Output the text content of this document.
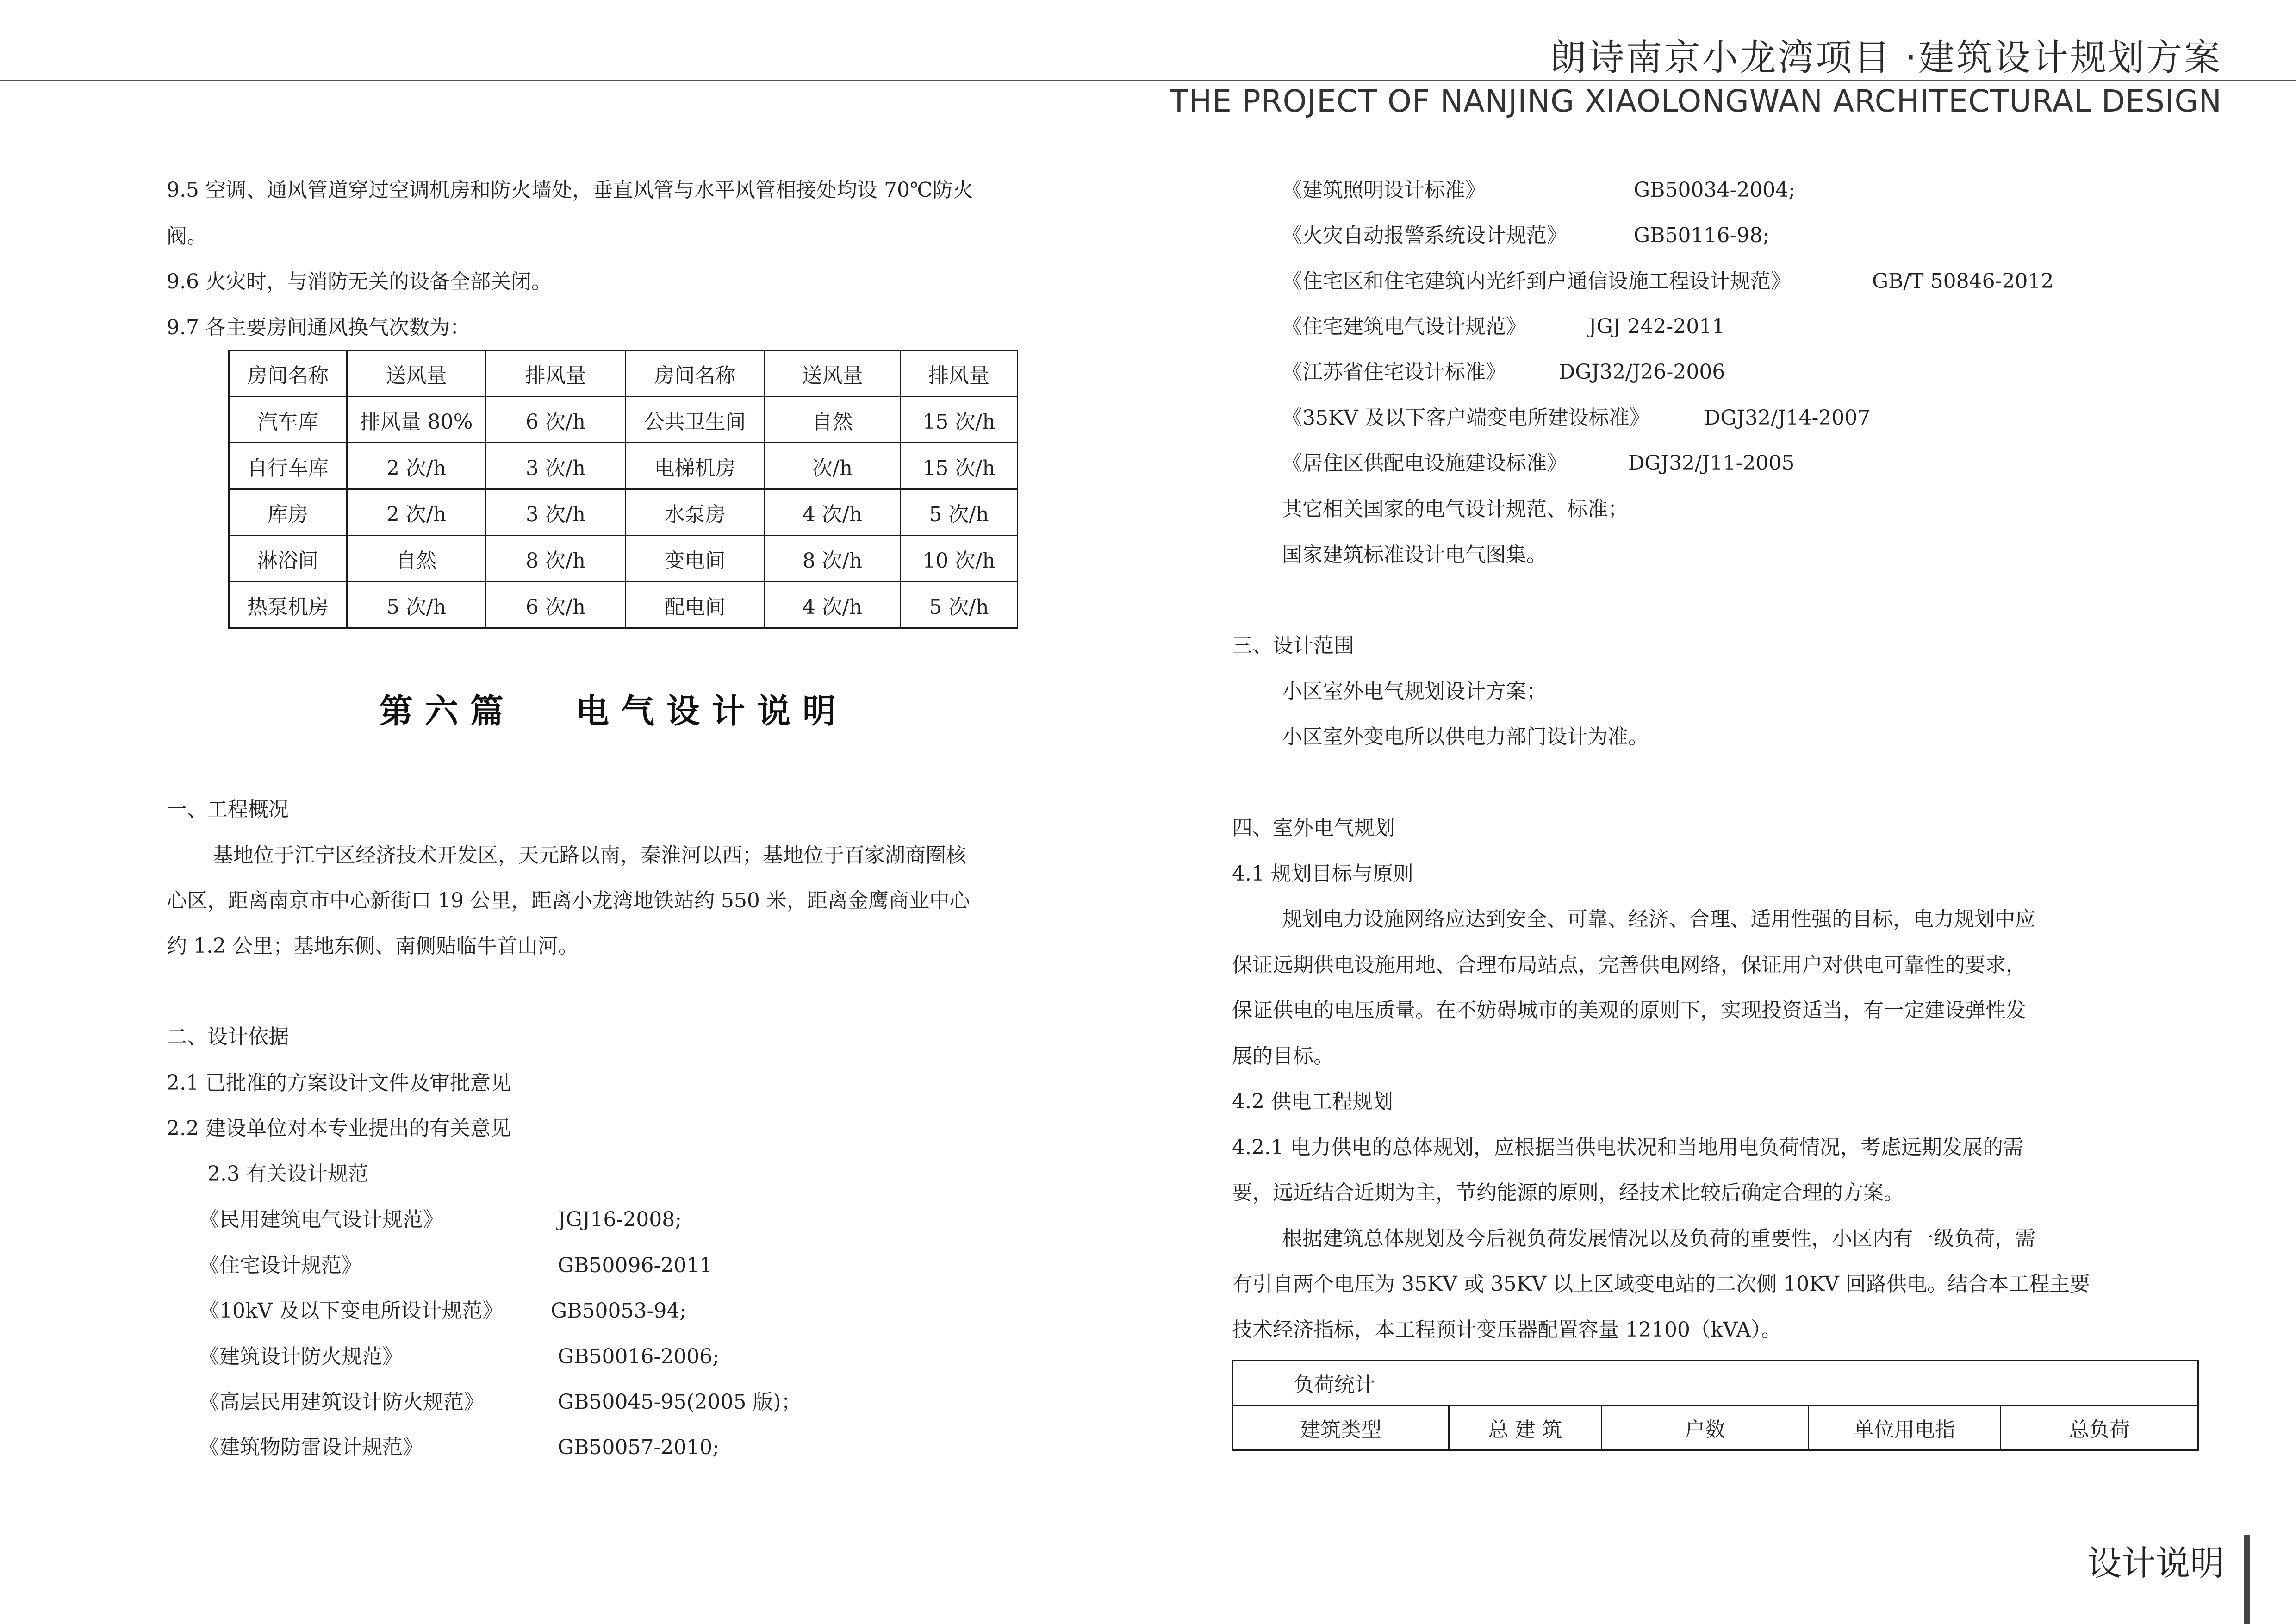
朗诗南京小龙湾项目 ·建筑设计规划方案
THE PROJECT OF NANJING XIAOLONGWAN ARCHITECTURAL DESIGN
9.5 空调、通风管道穿过空调机房和防火墙处，垂直风管与水平风管相接处均设 70℃防火
阀。
9.6 火灾时，与消防无关的设备全部关闭。
9.7 各主要房间通风换气次数为：
房间名称	送风量	排风量	房间名称	送风量	排风量
汽车库	排风量 80%	6 次/h	公共卫生间	自然	15 次/h
自行车库	2 次/h	3 次/h	电梯机房	次/h	15 次/h
库房	2 次/h	3 次/h	水泵房	4 次/h	5 次/h
淋浴间	自然	8 次/h	变电间	8 次/h	10 次/h
热泵机房	5 次/h	6 次/h	配电间	4 次/h	5 次/h
第六篇 电气设计说明
一、工程概况
基地位于江宁区经济技术开发区，天元路以南，秦淮河以西；基地位于百家湖商圈核
心区，距离南京市中心新街口 19 公里，距离小龙湾地铁站约 550 米，距离金鹰商业中心
约 1.2 公里；基地东侧、南侧贴临牛首山河。
二、设计依据
2.1 已批准的方案设计文件及审批意见
2.2 建设单位对本专业提出的有关意见
2.3 有关设计规范
《民用建筑电气设计规范》	JGJ16-2008;
《住宅设计规范》	GB50096-2011
《10kV 及以下变电所设计规范》 GB50053-94;
《建筑设计防火规范》	GB50016-2006;
《高层民用建筑设计防火规范》	GB50045-95(2005 版)；
《建筑物防雷设计规范》	GB50057-2010;
《建筑照明设计标准》	GB50034-2004;
《火灾自动报警系统设计规范》	GB50116-98;
《住宅区和住宅建筑内光纤到户通信设施工程设计规范》	GB/T 50846-2012
《住宅建筑电气设计规范》	JGJ 242-2011
《江苏省住宅设计标准》	DGJ32/J26-2006
《35KV 及以下客户端变电所建设标准》	DGJ32/J14-2007
《居住区供配电设施建设标准》	DGJ32/J11-2005
其它相关国家的电气设计规范、标准；
国家建筑标准设计电气图集。
三、设计范围
小区室外电气规划设计方案；
小区室外变电所以供电力部门设计为准。
四、室外电气规划
4.1 规划目标与原则
规划电力设施网络应达到安全、可靠、经济、合理、适用性强的目标，电力规划中应
保证远期供电设施用地、合理布局站点，完善供电网络，保证用户对供电可靠性的要求，
保证供电的电压质量。在不妨碍城市的美观的原则下，实现投资适当，有一定建设弹性发
展的目标。
4.2 供电工程规划
4.2.1 电力供电的总体规划，应根据当供电状况和当地用电负荷情况，考虑远期发展的需
要，远近结合近期为主，节约能源的原则，经技术比较后确定合理的方案。
根据建筑总体规划及今后视负荷发展情况以及负荷的重要性，小区内有一级负荷，需
有引自两个电压为 35KV 或 35KV 以上区域变电站的二次侧 10KV 回路供电。结合本工程主要
技术经济指标，本工程预计变压器配置容量 12100（kVA）。
负荷统计
建筑类型	总 建 筑	户数	单位用电指	总负荷
设计说明
